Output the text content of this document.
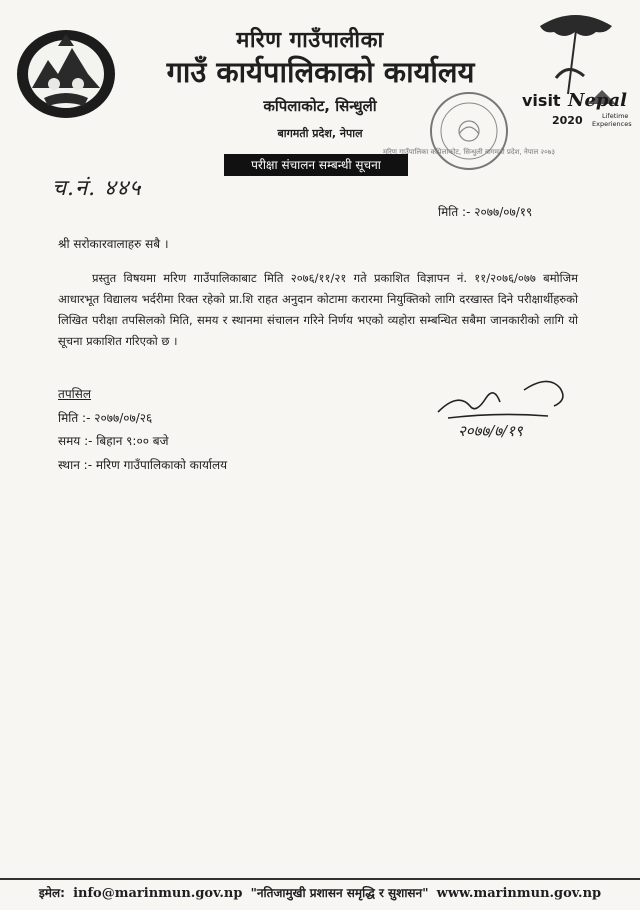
मरिण गाउँपालीका
गाउँ कार्यपालिकाको कार्यालय
कपिलाकोट, सिन्धुली
बागमती प्रदेश, नेपाल
परीक्षा संचालन सम्बन्धी सूचना
मरिण गाउँपालिका कपिलाकोट, सिन्धुली बागमती प्रदेश, नेपाल २०७३
visit Nepal
2020	Lifetime
Experiences
च.नं. ४४५
मिति :- २०७७/०७/१९
श्री सरोकारवालाहरु सबै ।

प्रस्तुत विषयमा मरिण गाउँपालिकाबाट मिति २०७६/११/२१ गते प्रकाशित विज्ञापन नं. ११/२०७६/०७७ बमोजिम आधारभूत विद्यालय भर्दरीमा रिक्त रहेको प्रा.शि राहत अनुदान कोटामा करारमा नियुक्तिको लागि दरखास्त दिने परीक्षार्थीहरुको लिखित परीक्षा तपसिलको मिति, समय र स्थानमा संचालन गरिने निर्णय भएको व्यहोरा सम्बन्धित सबैमा जानकारीको लागि यो सूचना प्रकाशित गरिएको छ ।

तपसिल
मिति :- २०७७/०७/२६
समय :- बिहान ९:०० बजे
स्थान :- मरिण गाउँपालिकाको कार्यालय
२०७७/७/१९
इमेल: info@marinmun.gov.np "नतिजामुखी प्रशासन समृद्धि र सुशासन" www.marinmun.gov.np
